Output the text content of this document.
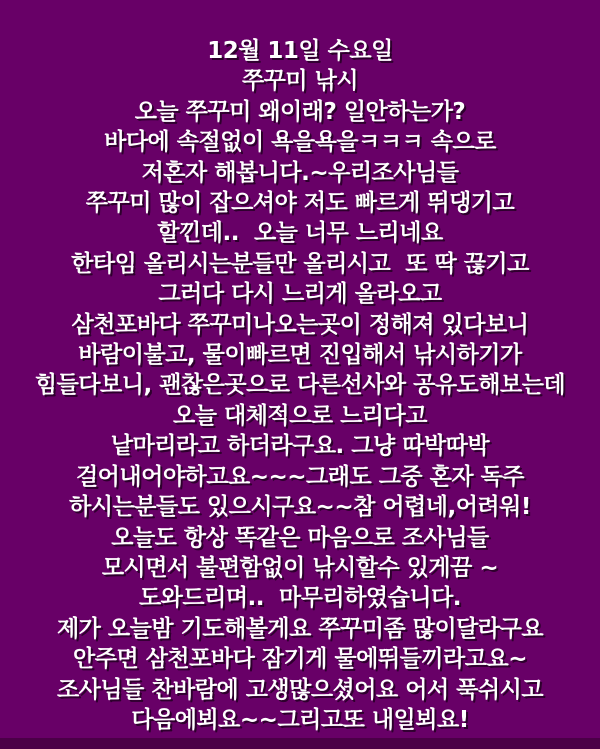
12월 11일 수요일
쭈꾸미 낚시
오늘 쭈꾸미 왜이래? 일안하는가?
바다에 속절없이 욕을욕을ㅋㅋㅋ 속으로
저혼자 해봅니다.~우리조사님들
쭈꾸미 많이 잡으셔야 저도 빠르게 뛰댕기고
할낀데..  오늘 너무 느리네요
한타임 올리시는분들만 올리시고  또 딱 끊기고
그러다 다시 느리게 올라오고
삼천포바다 쭈꾸미나오는곳이 정해져 있다보니
바람이불고, 물이빠르면 진입해서 낚시하기가
힘들다보니, 괜찮은곳으로 다른선사와 공유도해보는데
오늘 대체적으로 느리다고
낱마리라고 하더라구요. 그냥 따박따박
걸어내어야하고요~~~그래도 그중 혼자 독주
하시는분들도 있으시구요~~참 어렵네,어려워!
오늘도 항상 똑같은 마음으로 조사님들
모시면서 불편함없이 낚시할수 있게끔 ~
도와드리며..  마무리하였습니다.
제가 오늘밤 기도해볼게요 쭈꾸미좀 많이달라구요
안주면 삼천포바다 잠기게 물에뛰들끼라고요~
조사님들 찬바람에 고생많으셨어요 어서 푹쉬시고
다음에뵈요~~그리고또 내일뵈요!
